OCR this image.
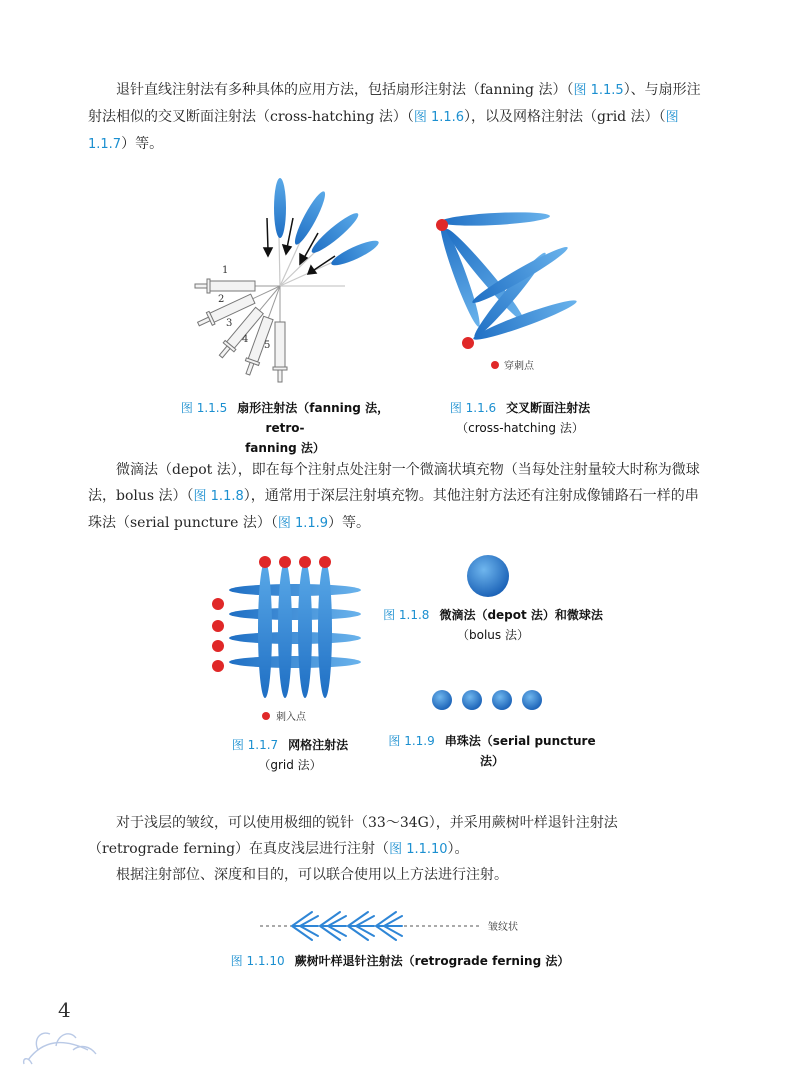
退针直线注射法有多种具体的应用方法，包括扇形注射法（fanning 法）（图 1.1.5）、与扇形注射法相似的交叉断面注射法（cross-hatching 法）（图 1.1.6），以及网格注射法（grid 法）（图 1.1.7）等。

1
2
3
4
5
图 1.1.5 扇形注射法（fanning 法，retro-
fanning 法）
穿刺点
图 1.1.6 交叉断面注射法
（cross-hatching 法）

微滴法（depot 法），即在每个注射点处注射一个微滴状填充物（当每处注射量较大时称为微球法，bolus 法）（图 1.1.8），通常用于深层注射填充物。其他注射方法还有注射成像铺路石一样的串珠法（serial puncture 法）（图 1.1.9）等。

刺入点
图 1.1.7 网格注射法
（grid 法）
图 1.1.8 微滴法（depot 法）和微球法
（bolus 法）
图 1.1.9 串珠法（serial puncture 法）

对于浅层的皱纹，可以使用极细的锐针（33～34G），并采用蕨树叶样退针注射法（retrograde ferning）在真皮浅层进行注射（图 1.1.10）。

根据注射部位、深度和目的，可以联合使用以上方法进行注射。

皱纹状
图 1.1.10 蕨树叶样退针注射法（retrograde ferning 法）
4
